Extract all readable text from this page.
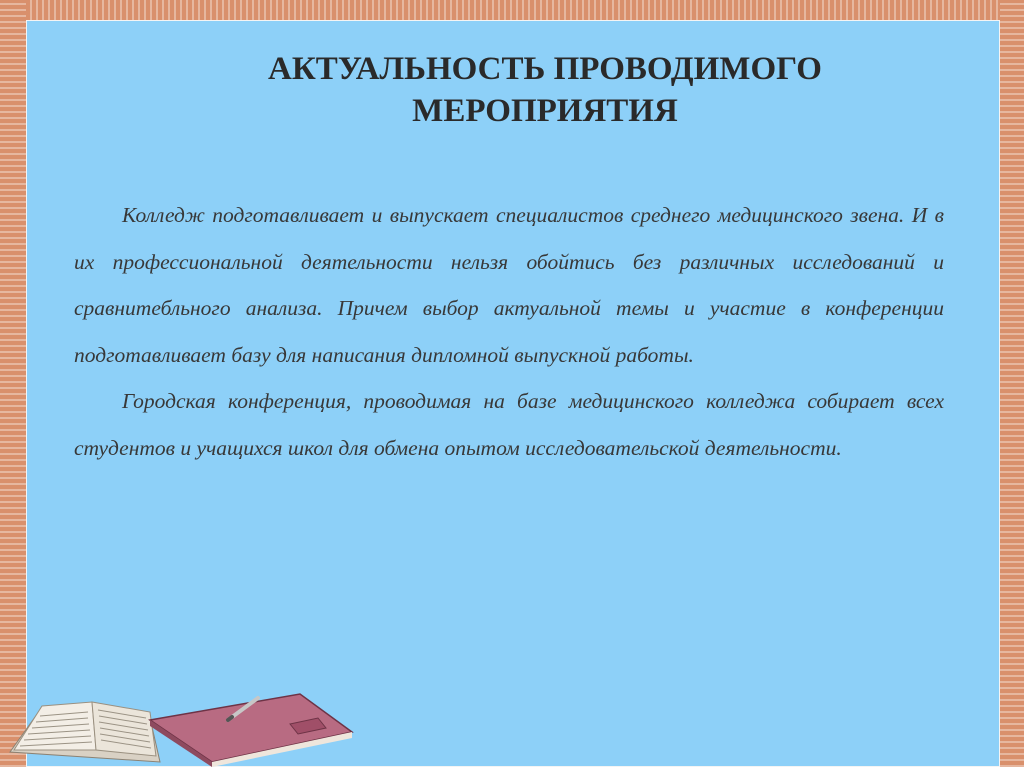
АКТУАЛЬНОСТЬ ПРОВОДИМОГО
МЕРОПРИЯТИЯ

Колледж подготавливает и выпускает специалистов среднего медицинского звена. И в их профессиональной деятельности нельзя обойтись без различных исследований и сравнитебльного анализа. Причем выбор актуальной темы и участие в конференции подготавливает базу для написания дипломной выпускной работы.

Городская конференция, проводимая на базе медицинского колледжа собирает всех студентов и учащихся школ для обмена опытом исследовательской деятельности.
